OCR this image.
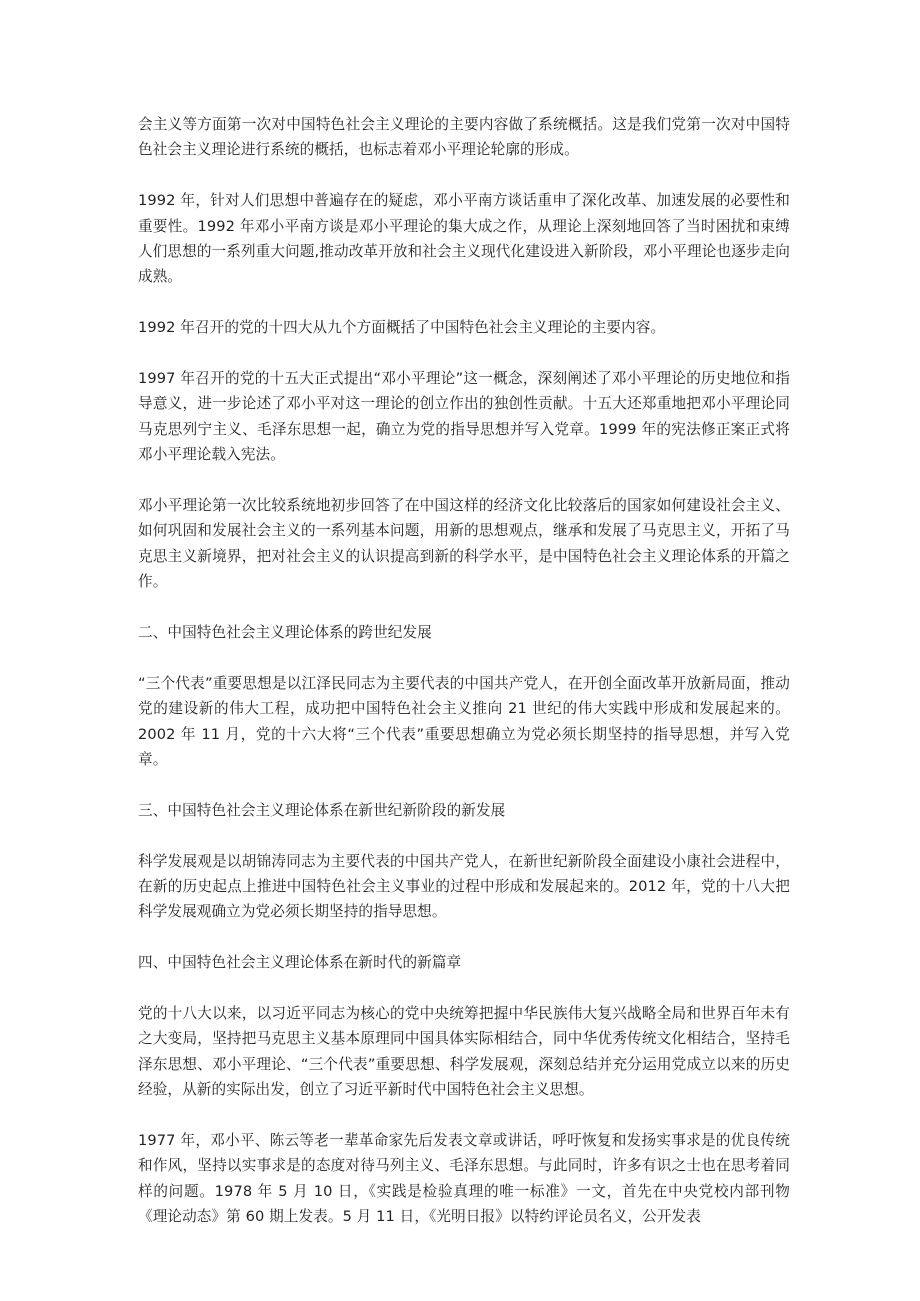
会主义等方面第一次对中国特色社会主义理论的主要内容做了系统概括。这是我们党第一次对中国特色社会主义理论进行系统的概括，也标志着邓小平理论轮廓的形成。

1992 年，针对人们思想中普遍存在的疑虑，邓小平南方谈话重申了深化改革、加速发展的必要性和重要性。1992 年邓小平南方谈是邓小平理论的集大成之作，从理论上深刻地回答了当时困扰和束缚人们思想的一系列重大问题,推动改革开放和社会主义现代化建设进入新阶段，邓小平理论也逐步走向成熟。

1992 年召开的党的十四大从九个方面概括了中国特色社会主义理论的主要内容。

1997 年召开的党的十五大正式提出“邓小平理论”这一概念，深刻阐述了邓小平理论的历史地位和指导意义，进一步论述了邓小平对这一理论的创立作出的独创性贡献。十五大还郑重地把邓小平理论同马克思列宁主义、毛泽东思想一起，确立为党的指导思想并写入党章。1999 年的宪法修正案正式将邓小平理论载入宪法。

邓小平理论第一次比较系统地初步回答了在中国这样的经济文化比较落后的国家如何建设社会主义、如何巩固和发展社会主义的一系列基本问题，用新的思想观点，继承和发展了马克思主义，开拓了马克思主义新境界，把对社会主义的认识提高到新的科学水平，是中国特色社会主义理论体系的开篇之作。

二、中国特色社会主义理论体系的跨世纪发展

“三个代表”重要思想是以江泽民同志为主要代表的中国共产党人，在开创全面改革开放新局面，推动党的建设新的伟大工程，成功把中国特色社会主义推向 21 世纪的伟大实践中形成和发展起来的。2002 年 11 月，党的十六大将“三个代表”重要思想确立为党必须长期坚持的指导思想，并写入党章。

三、中国特色社会主义理论体系在新世纪新阶段的新发展

科学发展观是以胡锦涛同志为主要代表的中国共产党人，在新世纪新阶段全面建设小康社会进程中，在新的历史起点上推进中国特色社会主义事业的过程中形成和发展起来的。2012 年，党的十八大把科学发展观确立为党必须长期坚持的指导思想。

四、中国特色社会主义理论体系在新时代的新篇章

党的十八大以来，以习近平同志为核心的党中央统筹把握中华民族伟大复兴战略全局和世界百年未有之大变局，坚持把马克思主义基本原理同中国具体实际相结合，同中华优秀传统文化相结合，坚持毛泽东思想、邓小平理论、“三个代表”重要思想、科学发展观，深刻总结并充分运用党成立以来的历史经验，从新的实际出发，创立了习近平新时代中国特色社会主义思想。

1977 年，邓小平、陈云等老一辈革命家先后发表文章或讲话，呼吁恢复和发扬实事求是的优良传统和作风，坚持以实事求是的态度对待马列主义、毛泽东思想。与此同时，许多有识之士也在思考着同样的问题。1978 年 5 月 10 日，《实践是检验真理的唯一标准》一文，首先在中央党校内部刊物《理论动态》第 60 期上发表。5 月 11 日，《光明日报》以特约评论员名义，公开发表
